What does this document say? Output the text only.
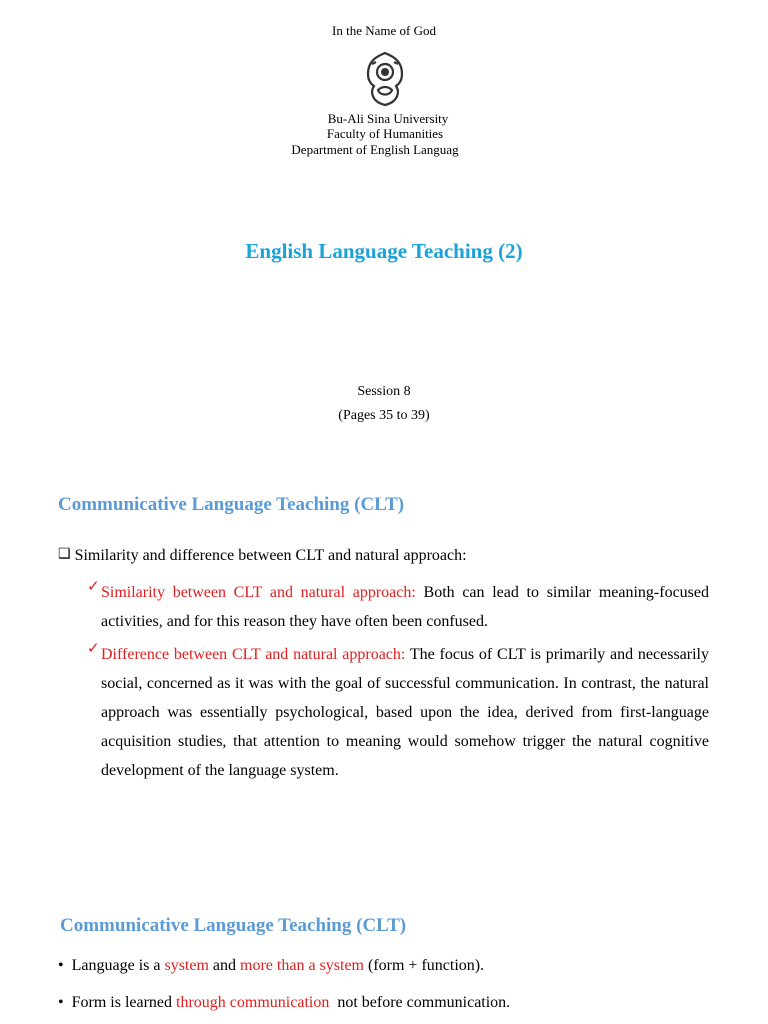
In the Name of God
Bu-Ali Sina University
Faculty of Humanities
Department of English Languag
English Language Teaching (2)
Session 8
(Pages 35 to 39)
Communicative Language Teaching (CLT)
❑ Similarity and difference between CLT and natural approach:
✓ Similarity between CLT and natural approach: Both can lead to similar meaning-focused activities, and for this reason they have often been confused.
✓ Difference between CLT and natural approach: The focus of CLT is primarily and necessarily social, concerned as it was with the goal of successful communication. In contrast, the natural approach was essentially psychological, based upon the idea, derived from first-language acquisition studies, that attention to meaning would somehow trigger the natural cognitive development of the language system.
Communicative Language Teaching (CLT)
• Language is a system and more than a system (form + function).
• Form is learned through communication  not before communication.
